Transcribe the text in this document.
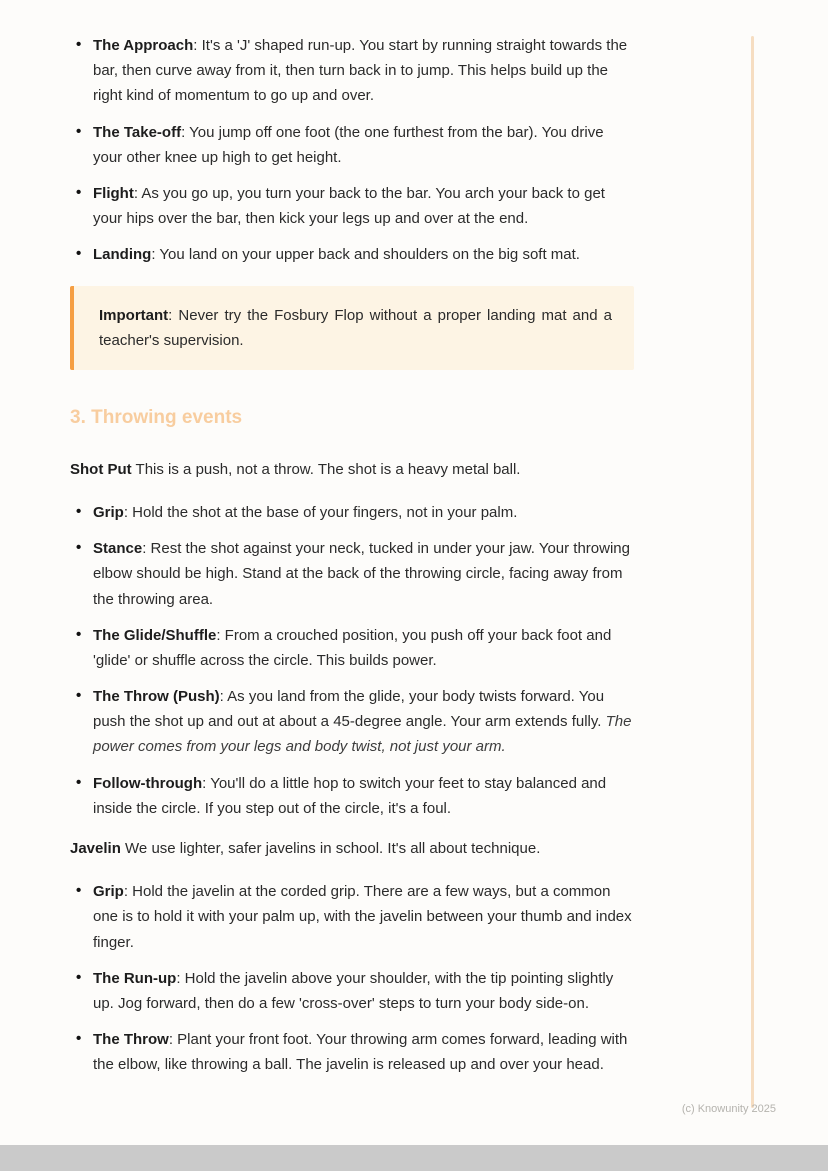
• The Approach: It's a 'J' shaped run-up. You start by running straight towards the bar, then curve away from it, then turn back in to jump. This helps build up the right kind of momentum to go up and over.
• The Take-off: You jump off one foot (the one furthest from the bar). You drive your other knee up high to get height.
• Flight: As you go up, you turn your back to the bar. You arch your back to get your hips over the bar, then kick your legs up and over at the end.
• Landing: You land on your upper back and shoulders on the big soft mat.
Important: Never try the Fosbury Flop without a proper landing mat and a teacher's supervision.
3. Throwing events

Shot Put This is a push, not a throw. The shot is a heavy metal ball.

• Grip: Hold the shot at the base of your fingers, not in your palm.
• Stance: Rest the shot against your neck, tucked in under your jaw. Your throwing elbow should be high. Stand at the back of the throwing circle, facing away from the throwing area.
• The Glide/Shuffle: From a crouched position, you push off your back foot and 'glide' or shuffle across the circle. This builds power.
• The Throw (Push): As you land from the glide, your body twists forward. You push the shot up and out at about a 45-degree angle. Your arm extends fully. The power comes from your legs and body twist, not just your arm.
• Follow-through: You'll do a little hop to switch your feet to stay balanced and inside the circle. If you step out of the circle, it's a foul.

Javelin We use lighter, safer javelins in school. It's all about technique.

• Grip: Hold the javelin at the corded grip. There are a few ways, but a common one is to hold it with your palm up, with the javelin between your thumb and index finger.
• The Run-up: Hold the javelin above your shoulder, with the tip pointing slightly up. Jog forward, then do a few 'cross-over' steps to turn your body side-on.
• The Throw: Plant your front foot. Your throwing arm comes forward, leading with the elbow, like throwing a ball. The javelin is released up and over your head.
(c) Knowunity 2025
